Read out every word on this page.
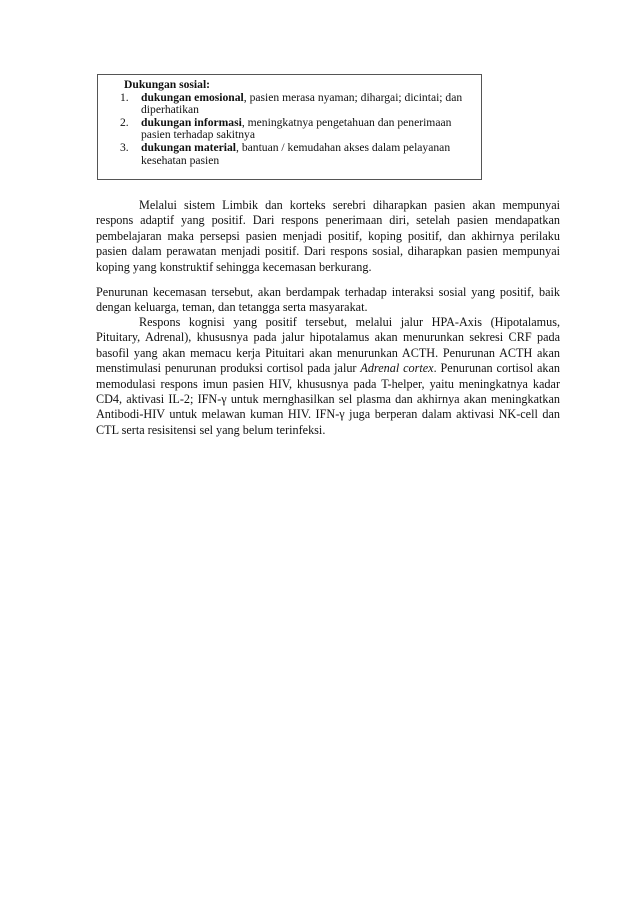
Dukungan sosial:
1. dukungan emosional, pasien merasa nyaman; dihargai; dicintai; dan diperhatikan
2. dukungan informasi, meningkatnya pengetahuan dan penerimaan pasien terhadap sakitnya
3. dukungan material, bantuan / kemudahan akses dalam pelayanan kesehatan pasien

Melalui sistem Limbik dan korteks serebri diharapkan pasien akan mempunyai respons adaptif yang positif. Dari respons penerimaan diri, setelah pasien mendapatkan pembelajaran maka persepsi pasien menjadi positif, koping positif, dan akhirnya perilaku pasien dalam perawatan menjadi positif. Dari respons sosial, diharapkan pasien mempunyai koping yang konstruktif sehingga kecemasan berkurang.

Penurunan kecemasan tersebut, akan berdampak terhadap interaksi sosial yang positif, baik dengan keluarga, teman, dan tetangga serta masyarakat.

Respons kognisi yang positif tersebut, melalui jalur HPA-Axis (Hipotalamus, Pituitary, Adrenal), khususnya pada jalur hipotalamus akan menurunkan sekresi CRF pada basofil yang akan memacu kerja Pituitari akan menurunkan ACTH. Penurunan ACTH akan menstimulasi penurunan produksi cortisol pada jalur Adrenal cortex. Penurunan cortisol akan memodulasi respons imun pasien HIV, khususnya pada T-helper, yaitu meningkatnya kadar CD4, aktivasi IL-2; IFN-γ untuk mernghasilkan sel plasma dan akhirnya akan meningkatkan Antibodi-HIV untuk melawan kuman HIV. IFN-γ juga berperan dalam aktivasi NK-cell dan CTL serta resisitensi sel yang belum terinfeksi.
